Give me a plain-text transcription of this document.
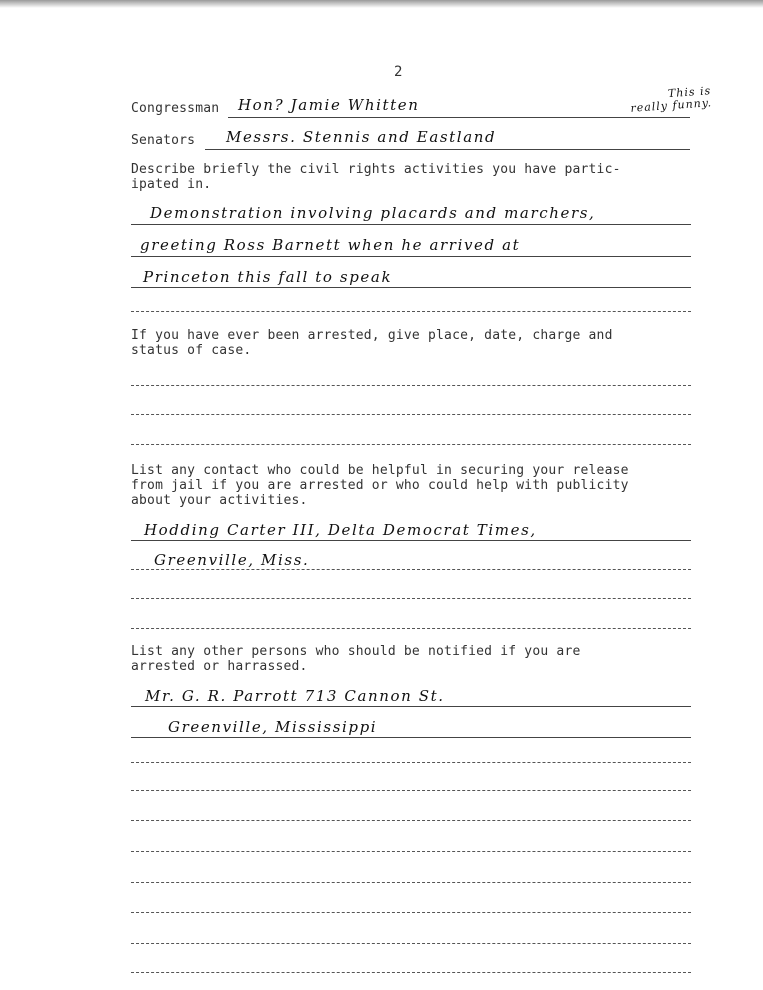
2
This is
really funny.
Congressman Hon? Jamie Whitten
Senators Messrs. Stennis and Eastland
Describe briefly the civil rights activities you have partic-
ipated in.
Demonstration involving placards and marchers,
greeting Ross Barnett when he arrived at
Princeton this fall to speak
If you have ever been arrested, give place, date, charge and
status of case.
List any contact who could be helpful in securing your release
from jail if you are arrested or who could help with publicity
about your activities.
Hodding Carter III, Delta Democrat Times,
Greenville, Miss.
List any other persons who should be notified if you are
arrested or harrassed.
Mr. G. R. Parrott 713 Cannon St.
Greenville, Mississippi
